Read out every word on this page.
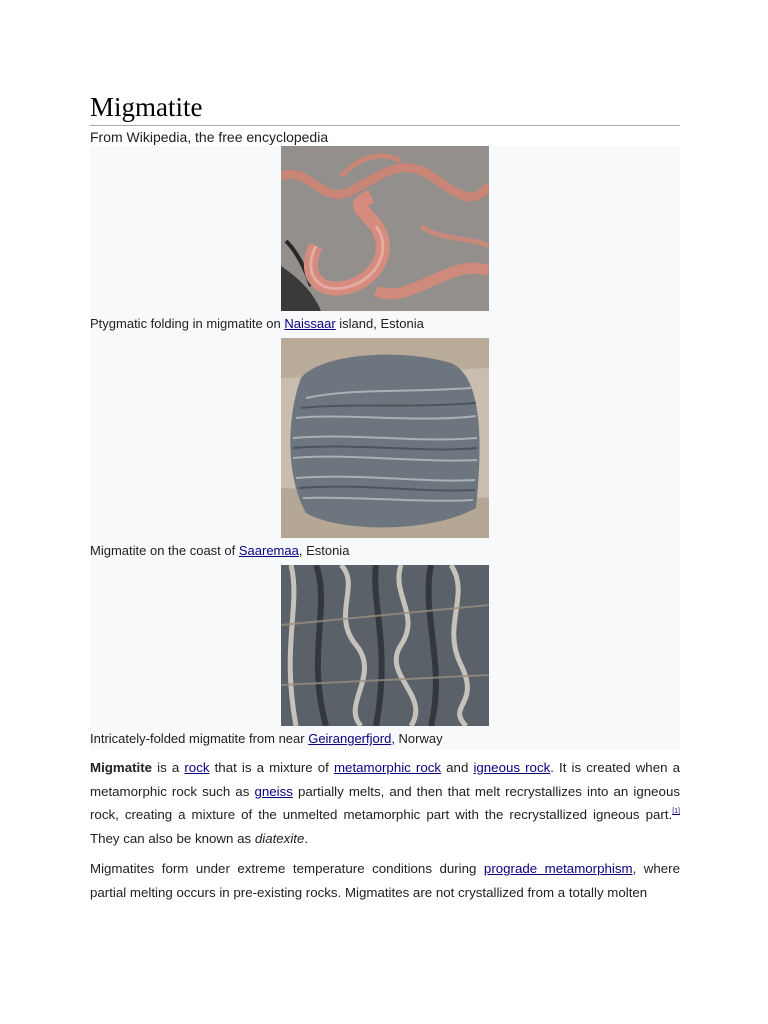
Migmatite
From Wikipedia, the free encyclopedia
Ptygmatic folding in migmatite on Naissaar island, Estonia
Migmatite on the coast of Saaremaa, Estonia
Intricately-folded migmatite from near Geirangerfjord, Norway

Migmatite is a rock that is a mixture of metamorphic rock and igneous rock. It is created when a metamorphic rock such as gneiss partially melts, and then that melt recrystallizes into an igneous rock, creating a mixture of the unmelted metamorphic part with the recrystallized igneous part.[1] They can also be known as diatexite.

Migmatites form under extreme temperature conditions during prograde metamorphism, where partial melting occurs in pre-existing rocks. Migmatites are not crystallized from a totally molten
